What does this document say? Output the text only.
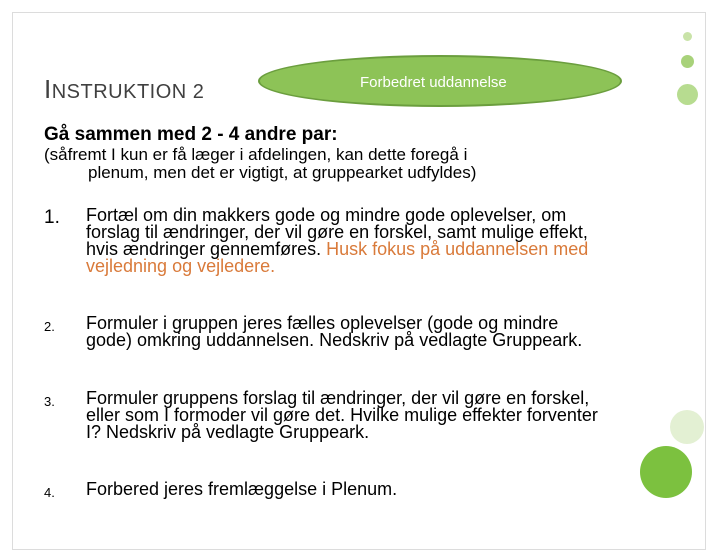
INSTRUKTION 2	Forbedret uddannelse
Gå sammen med 2 - 4 andre par:
(såfremt I kun er få læger i afdelingen, kan dette foregå i
plenum, men det er vigtigt, at gruppearket udfyldes)
1. Fortæl om din makkers gode og mindre gode oplevelser, om forslag til ændringer, der vil gøre en forskel, samt mulige effekt, hvis ændringer gennemføres. Husk fokus på uddannelsen med vejledning og vejledere.
2. Formuler i gruppen jeres fælles oplevelser (gode og mindre gode) omkring uddannelsen. Nedskriv på vedlagte Gruppeark.
3. Formuler gruppens forslag til ændringer, der vil gøre en forskel, eller som I formoder vil gøre det. Hvilke mulige effekter forventer I? Nedskriv på vedlagte Gruppeark.
4. Forbered jeres fremlæggelse i Plenum.
